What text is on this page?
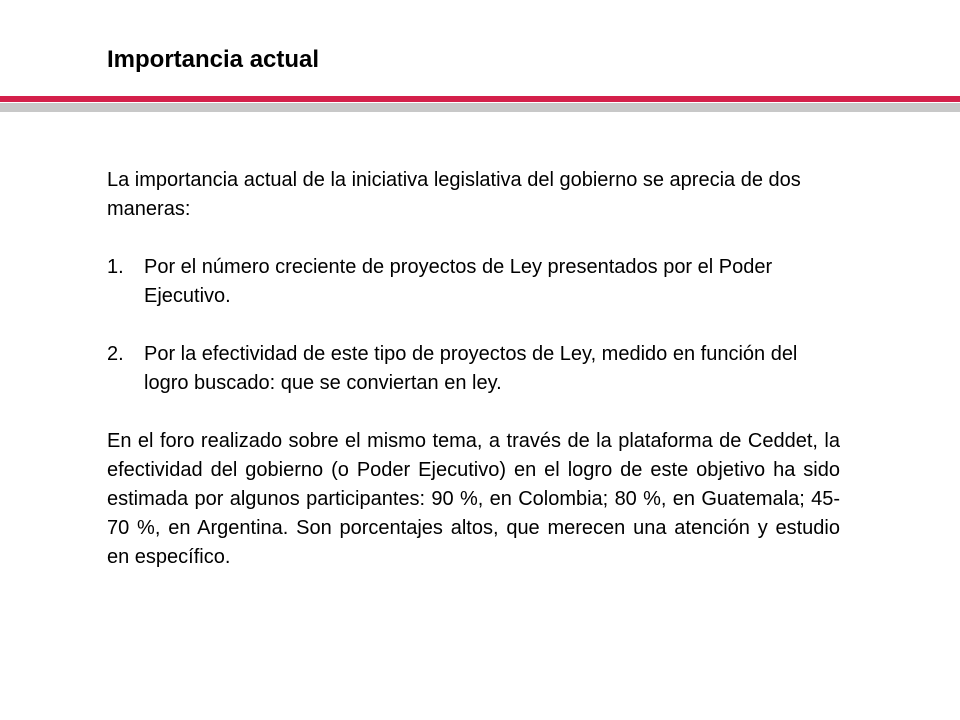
Importancia actual

La importancia actual de la iniciativa legislativa del gobierno se aprecia de dos maneras:

1. Por el número creciente de proyectos de Ley presentados por el Poder Ejecutivo.

2. Por la efectividad de este tipo de proyectos de Ley, medido en función del logro buscado: que se conviertan en ley.

En el foro realizado sobre el mismo tema, a través de la plataforma de Ceddet, la efectividad del gobierno (o Poder Ejecutivo) en el logro de este objetivo ha sido estimada por algunos participantes: 90 %, en Colombia; 80 %, en Guatemala; 45-70 %, en Argentina. Son porcentajes altos, que merecen una atención y estudio en específico.
